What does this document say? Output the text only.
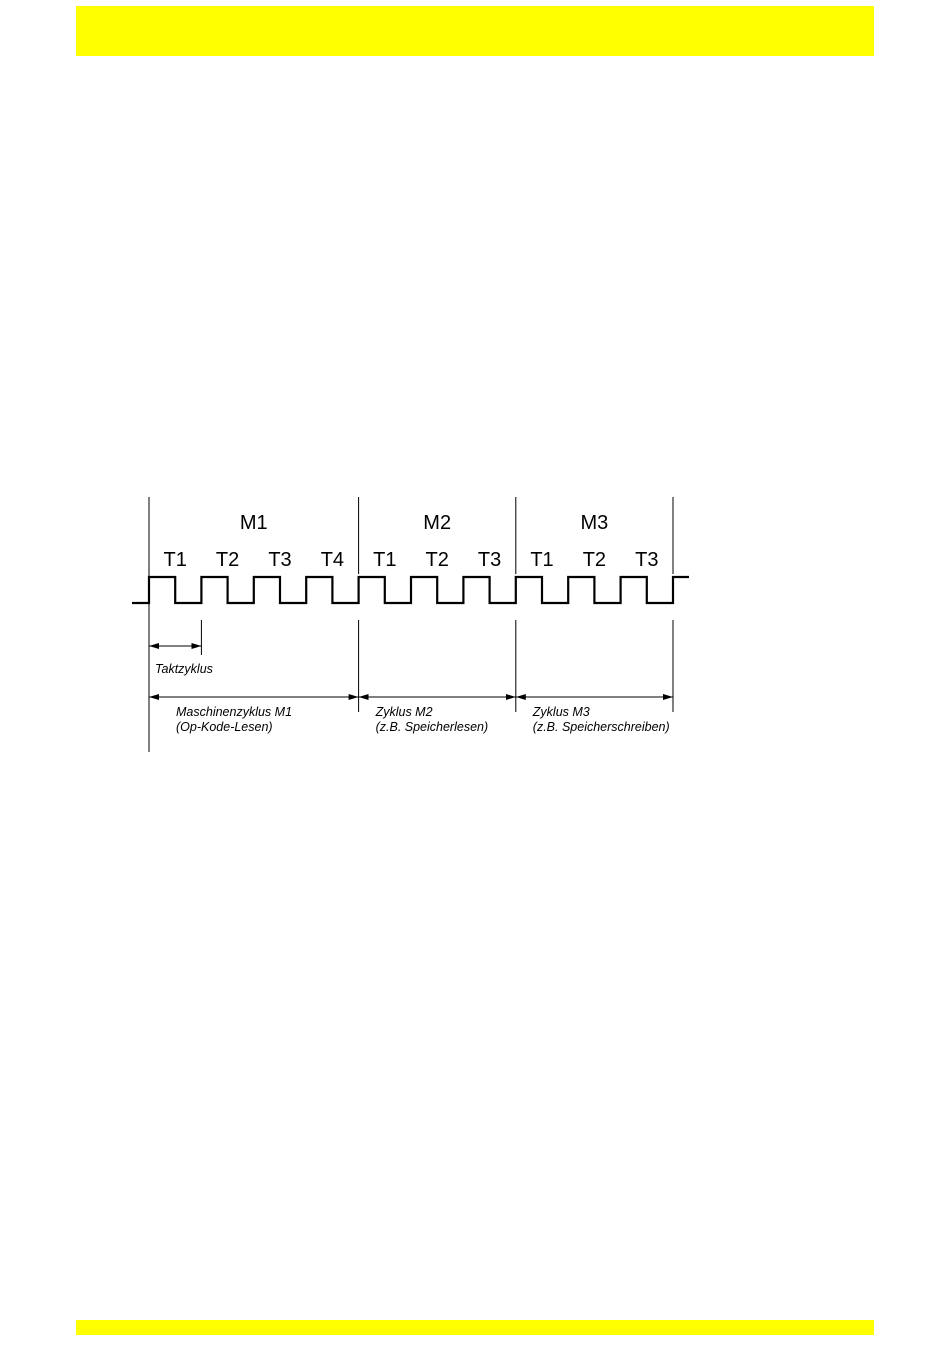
Taktzyklus
M1
T1 T2 T3 T4
Maschinenzyklus M1
(Op-Kode-Lesen)
M2
T1 T2 T3
Zyklus M2
(z.B. Speicherlesen)
M3
T1 T2 T3
Zyklus M3
(z.B. Speicherschreiben)
